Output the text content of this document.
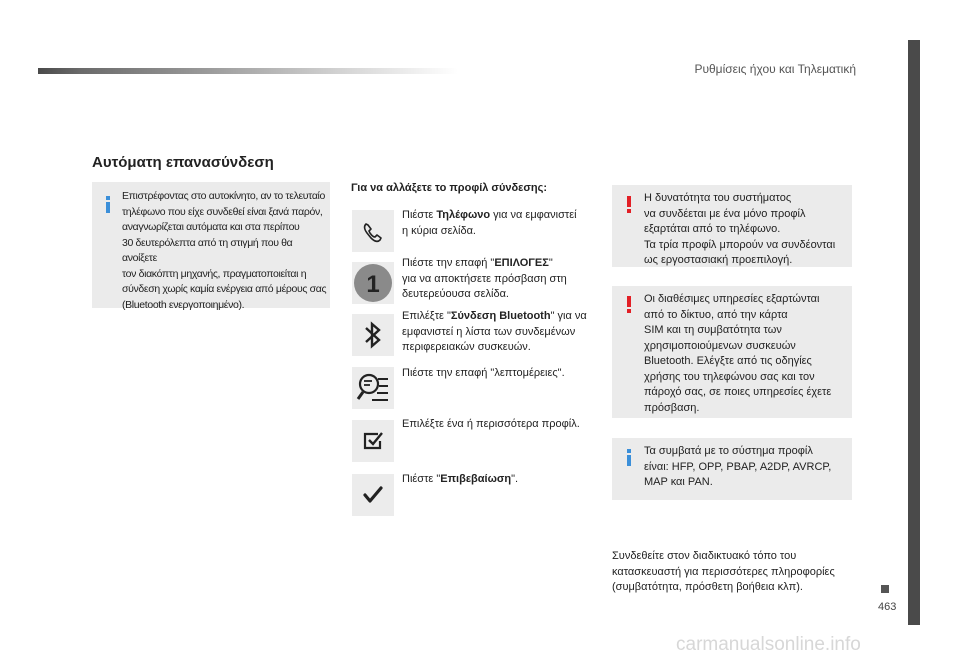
Ρυθμίσεις ήχου και Τηλεματική
463
Αυτόματη επανασύνδεση
Επιστρέφοντας στο αυτοκίνητο, αν το τελευταίο
τηλέφωνο που είχε συνδεθεί είναι ξανά παρόν,
αναγνωρίζεται αυτόματα και στα περίπου
30 δευτερόλεπτα από τη στιγμή που θα ανοίξετε
τον διακόπτη μηχανής, πραγματοποιείται η
σύνδεση χωρίς καμία ενέργεια από μέρους σας
(Bluetooth ενεργοποιημένο).
Για να αλλάξετε το προφίλ σύνδεσης:
Πιέστε Τηλέφωνο για να εμφανιστεί
η κύρια σελίδα.
1
Πιέστε την επαφή "ΕΠΙΛΟΓΕΣ"
για να αποκτήσετε πρόσβαση στη
δευτερεύουσα σελίδα.
Επιλέξτε "Σύνδεση Bluetooth" για να
εμφανιστεί η λίστα των συνδεμένων
περιφερειακών συσκευών.
Πιέστε την επαφή "λεπτομέρειες".
Επιλέξτε ένα ή περισσότερα προφίλ.
Πιέστε "Επιβεβαίωση".
Η δυνατότητα του συστήματος
να συνδέεται με ένα μόνο προφίλ
εξαρτάται από το τηλέφωνο.
Τα τρία προφίλ μπορούν να συνδέονται
ως εργοστασιακή προεπιλογή.
Οι διαθέσιμες υπηρεσίες εξαρτώνται
από το δίκτυο, από την κάρτα
SIM και τη συμβατότητα των
χρησιμοποιούμενων συσκευών
Bluetooth. Ελέγξτε από τις οδηγίες
χρήσης του τηλεφώνου σας και τον
πάροχό σας, σε ποιες υπηρεσίες έχετε
πρόσβαση.
Τα συμβατά με το σύστημα προφίλ
είναι: HFP, OPP, PBAP, A2DP, AVRCP,
MAP και PAN.
Συνδεθείτε στον διαδικτυακό τόπο του
κατασκευαστή για περισσότερες πληροφορίες
(συμβατότητα, πρόσθετη βοήθεια κλπ).
carmanualsonline.info
